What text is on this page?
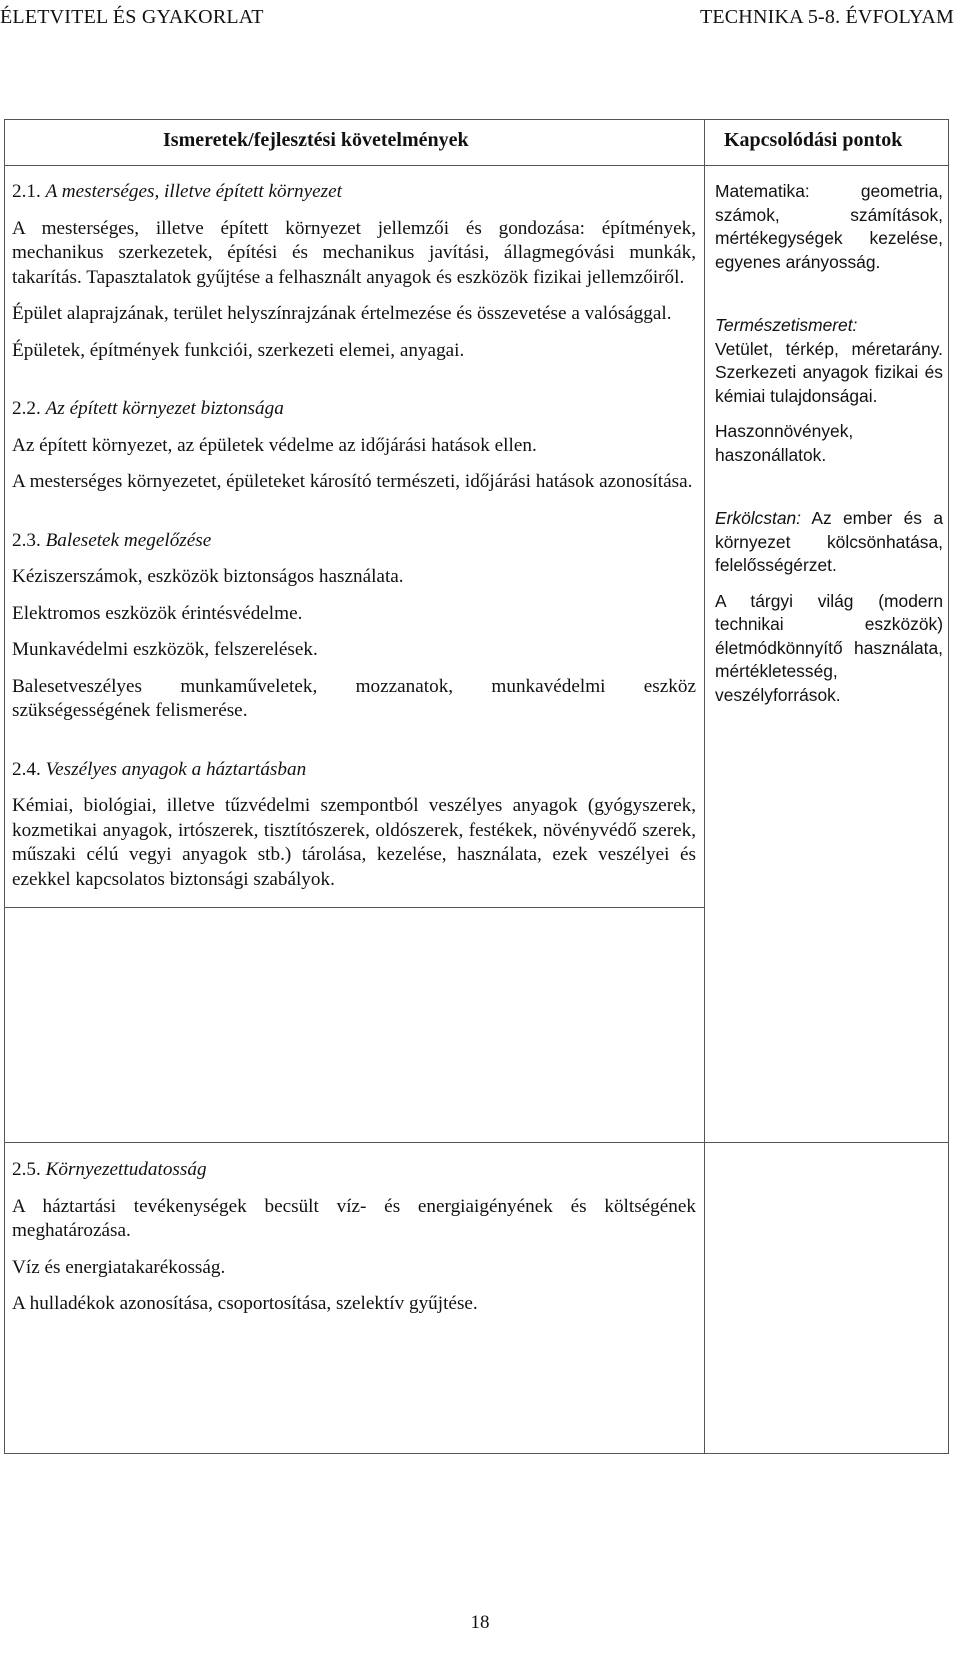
ÉLETVITEL ÉS GYAKORLAT	TECHNIKA 5-8. ÉVFOLYAM
Ismeretek/fejlesztési követelmények	Kapcsolódási pontok

2.1. A mesterséges, illetve épített környezet

A mesterséges, illetve épített környezet jellemzői és gondozása: építmények, mechanikus szerkezetek, építési és mechanikus javítási, állagmegóvási munkák, takarítás. Tapasztalatok gyűjtése a felhasznált anyagok és eszközök fizikai jellemzőiről.

Épület alaprajzának, terület helyszínrajzának értelmezése és összevetése a valósággal.

Épületek, építmények funkciói, szerkezeti elemei, anyagai.

2.2. Az épített környezet biztonsága

Az épített környezet, az épületek védelme az időjárási hatások ellen.

A mesterséges környezetet, épületeket károsító természeti, időjárási hatások azonosítása.

2.3. Balesetek megelőzése

Kéziszerszámok, eszközök biztonságos használata.

Elektromos eszközök érintésvédelme.

Munkavédelmi eszközök, felszerelések.

Balesetveszélyes munkaműveletek, mozzanatok, munkavédelmi eszköz szükségességének felismerése.

2.4. Veszélyes anyagok a háztartásban

Kémiai, biológiai, illetve tűzvédelmi szempontból veszélyes anyagok (gyógyszerek, kozmetikai anyagok, irtószerek, tisztítószerek, oldószerek, festékek, növényvédő szerek, műszaki célú vegyi anyagok stb.) tárolása, kezelése, használata, ezek veszélyei és ezekkel kapcsolatos biztonsági szabályok.

2.5. Környezettudatosság

A háztartási tevékenységek becsült víz- és energiaigényének és költségének meghatározása.

Víz és energiatakarékosság.

A hulladékok azonosítása, csoportosítása, szelektív gyűjtése.

Matematika: geometria, számok, számítások, mértékegységek kezelése, egyenes arányosság.

Természetismeret:

Vetület, térkép, méretarány. Szerkezeti anyagok fizikai és kémiai tulajdonságai.

Haszonnövények, haszonállatok.

Erkölcstan: Az ember és a környezet kölcsönhatása, felelősségérzet.

A tárgyi világ (modern technikai eszközök) életmódkönnyítő használata, mértékletesség, veszélyforrások.

18
